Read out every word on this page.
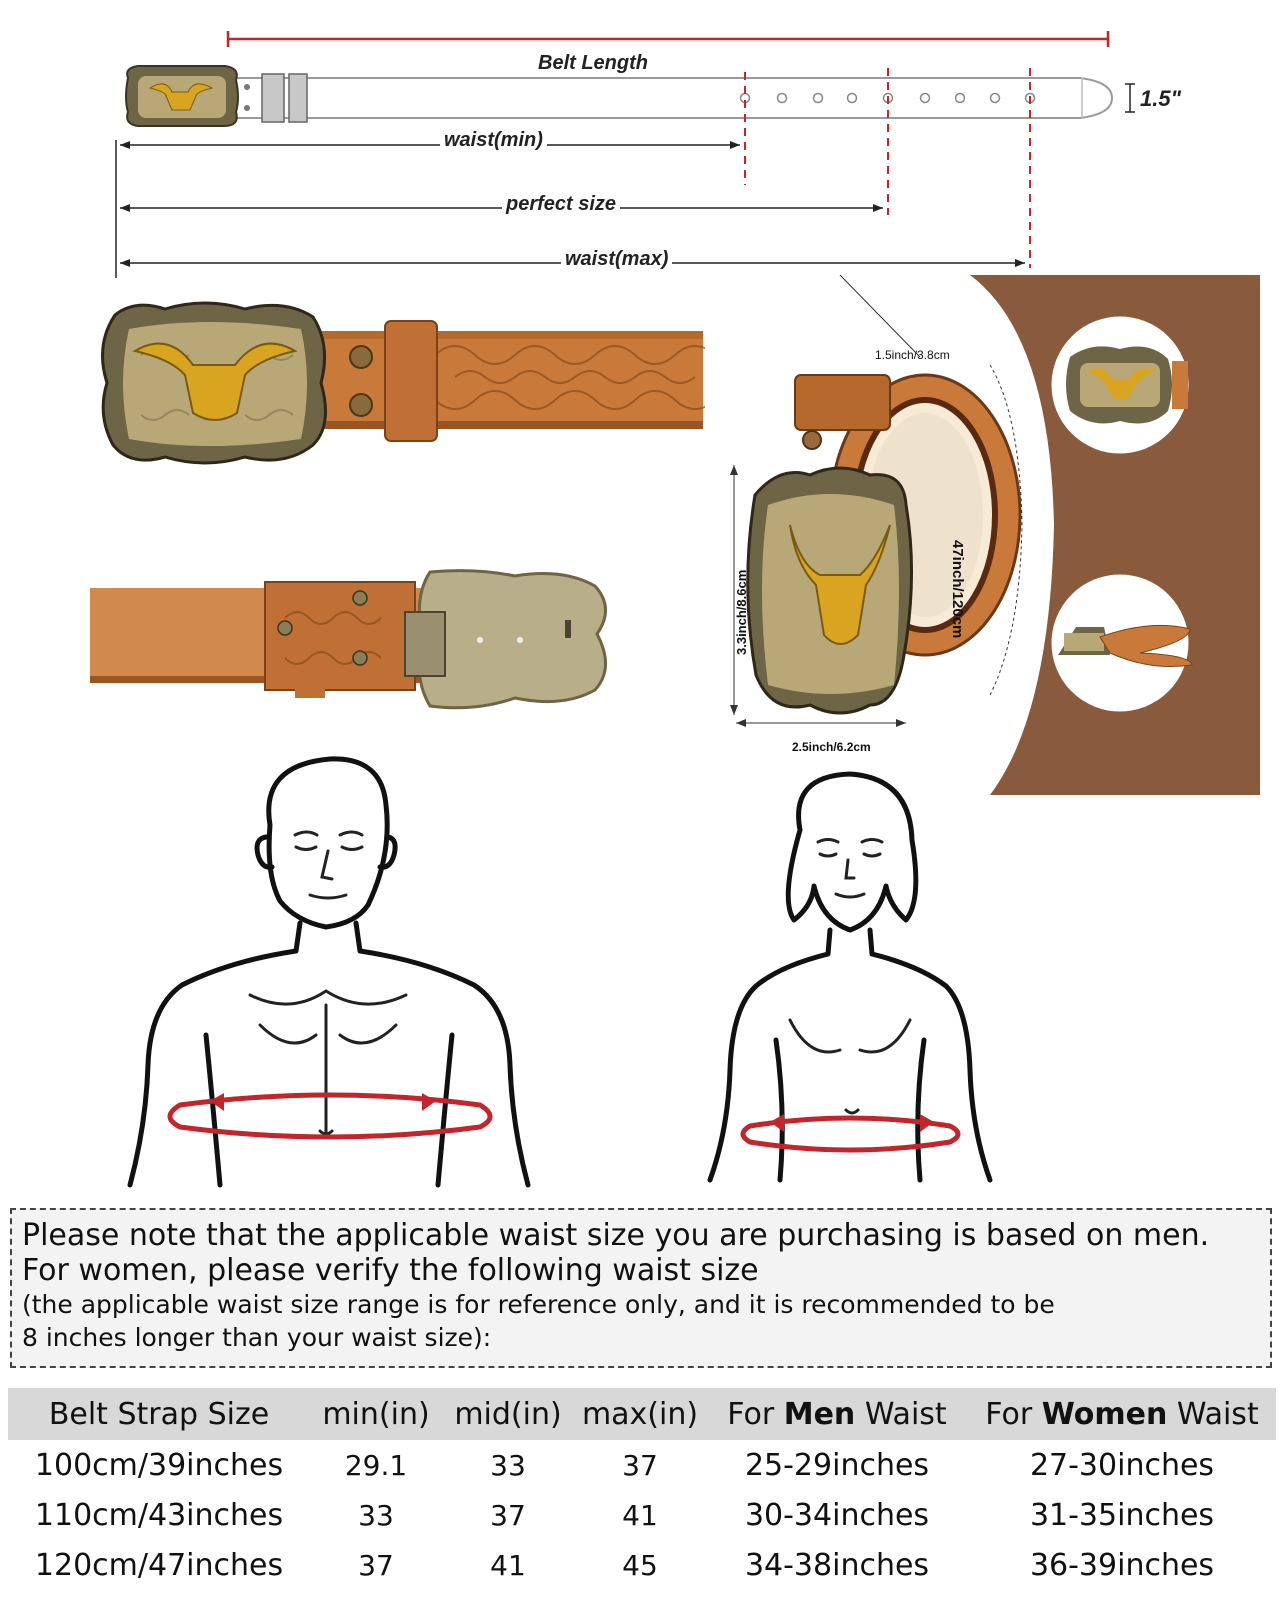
Belt Length
1.5"
waist(min)
perfect size
waist(max)
1.5inch/3.8cm
47inch/120cm
3.3inch/8.6cm
2.5inch/6.2cm
Please note that the applicable waist size you are purchasing is based on men.
For women, please verify the following waist size
(the applicable waist size range is for reference only, and it is recommended to be
8 inches longer than your waist size):
Belt Strap Size	min(in)	mid(in)	max(in)	For Men Waist	For Women Waist
100cm/39inches	29.1	33	37	25-29inches	27-30inches
110cm/43inches	33	37	41	30-34inches	31-35inches
120cm/47inches	37	41	45	34-38inches	36-39inches
